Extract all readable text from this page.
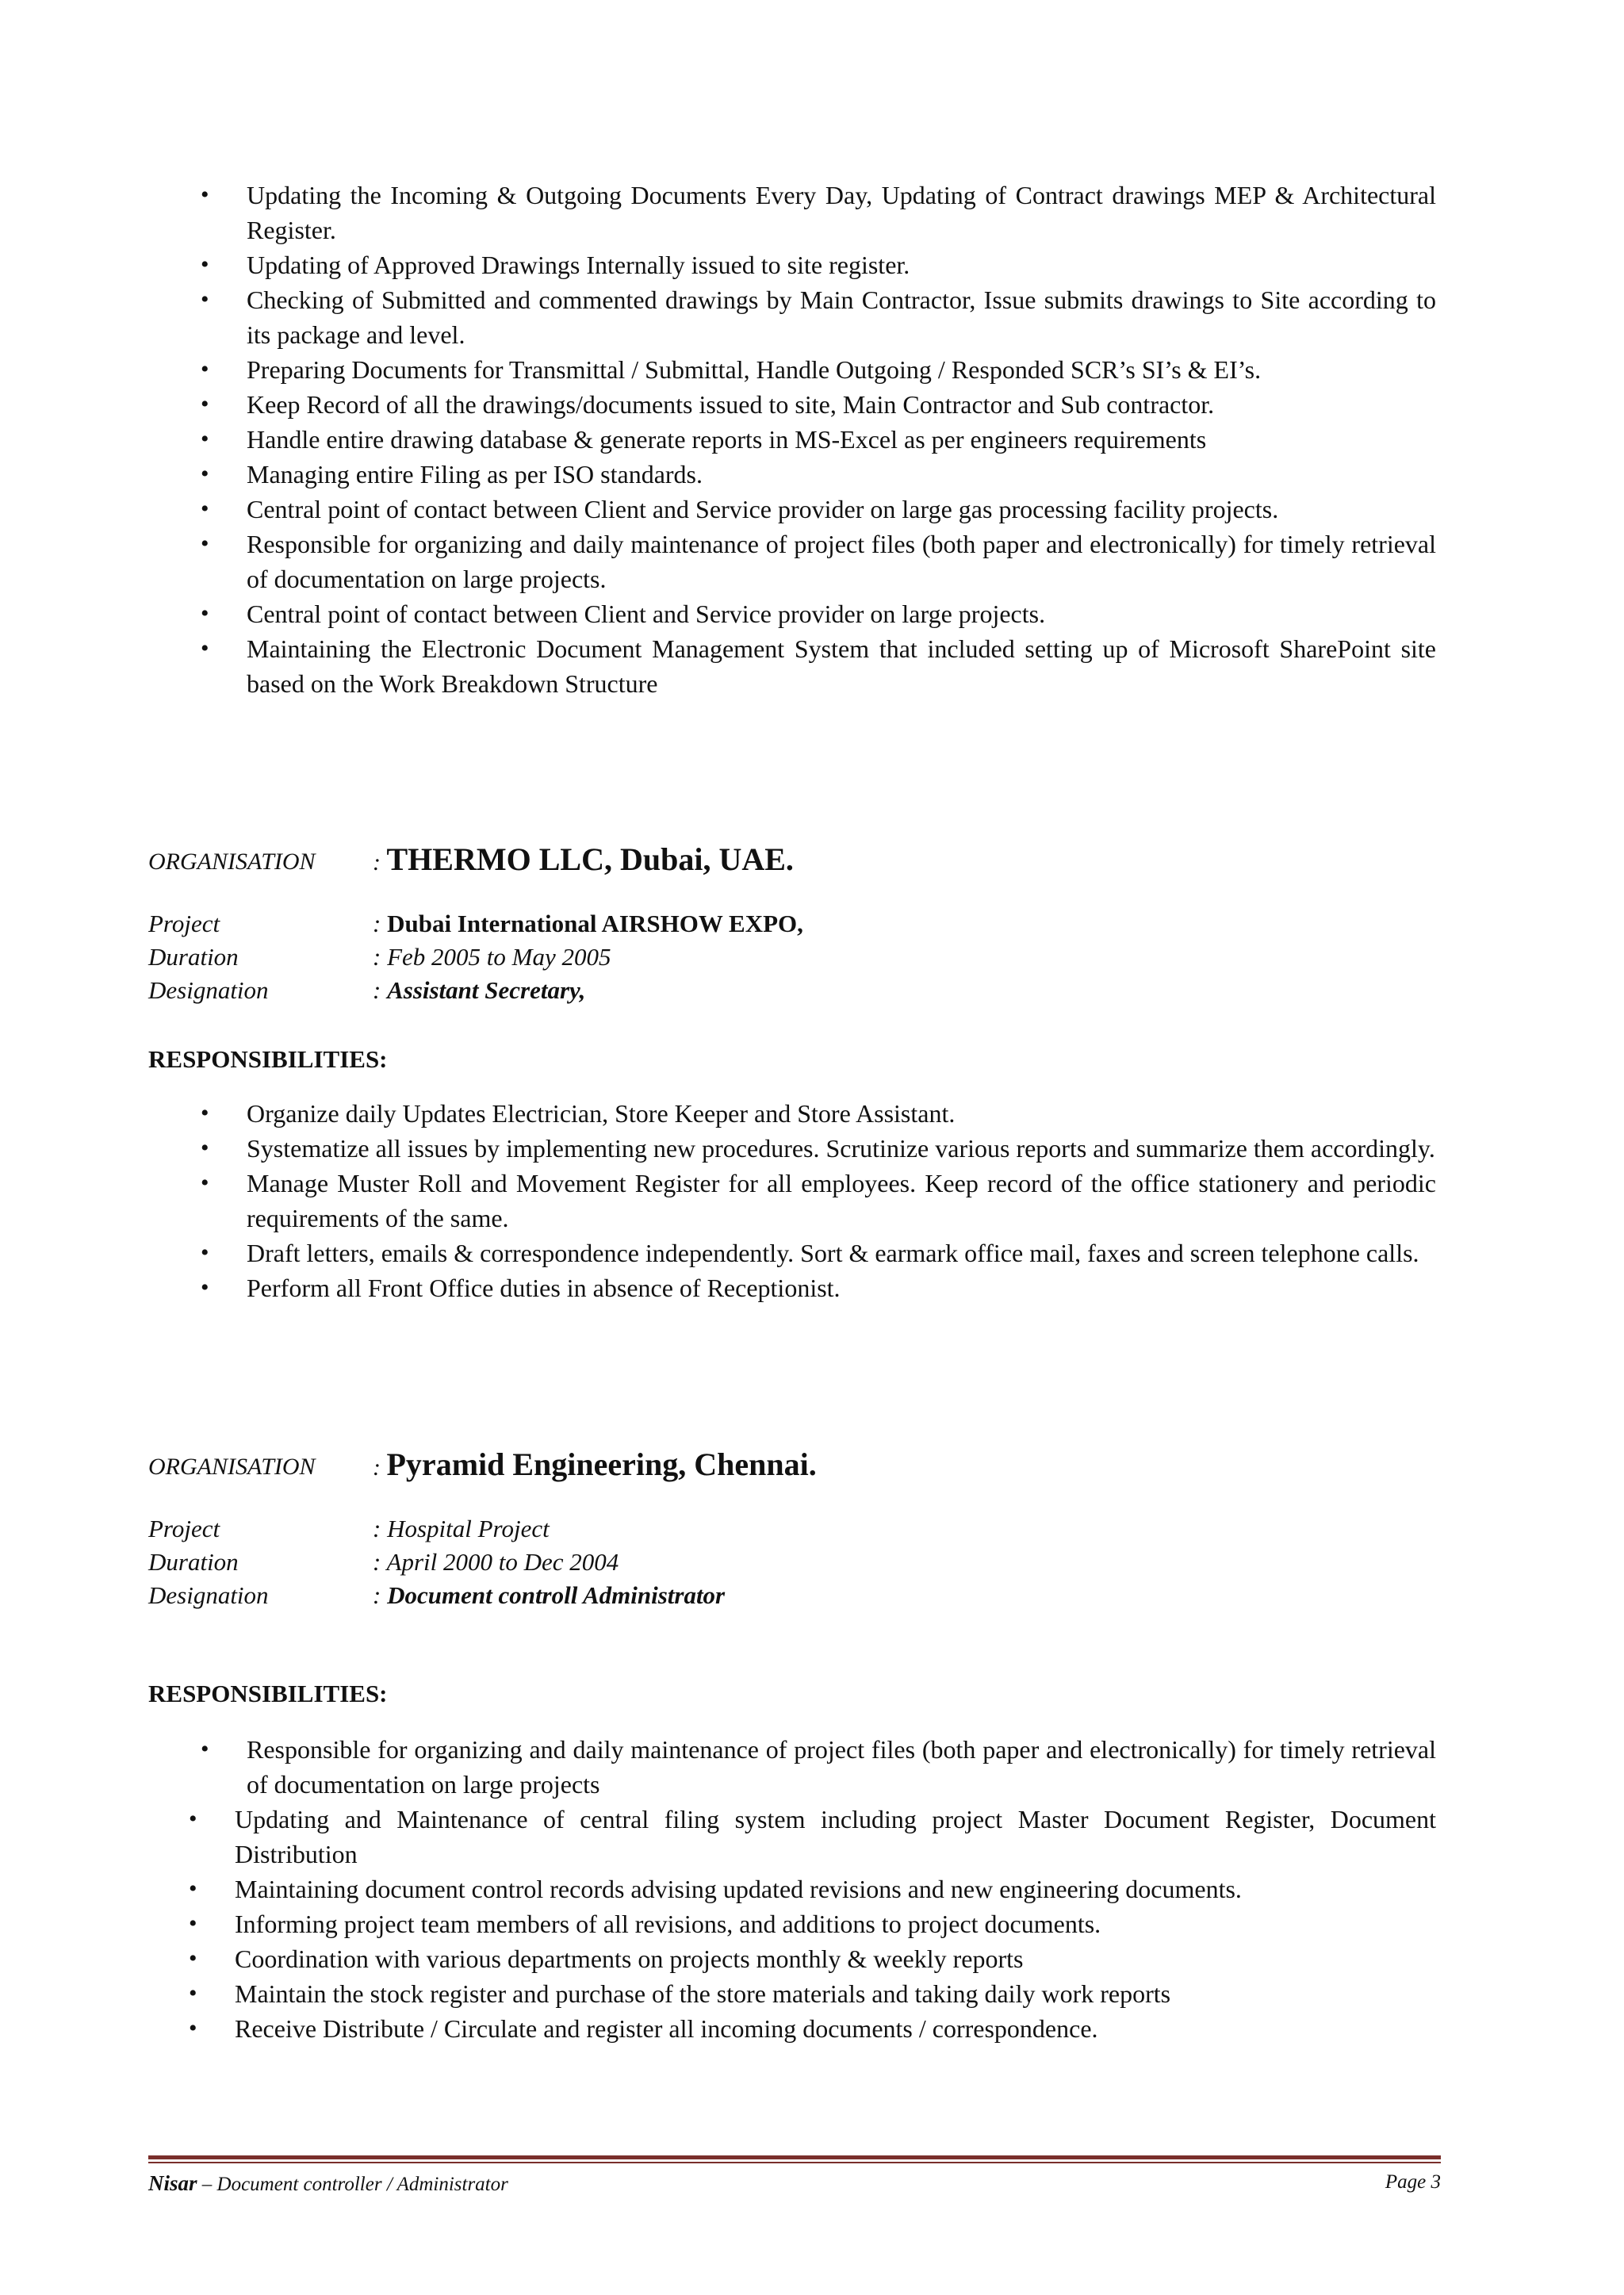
• Updating the Incoming & Outgoing Documents Every Day, Updating of Contract drawings MEP & Architectural Register.
• Updating of Approved Drawings Internally issued to site register.
• Checking of Submitted and commented drawings by Main Contractor, Issue submits drawings to Site according to its package and level.
• Preparing Documents for Transmittal / Submittal, Handle Outgoing / Responded SCR’s SI’s & EI’s.
• Keep Record of all the drawings/documents issued to site, Main Contractor and Sub contractor.
• Handle entire drawing database & generate reports in MS-Excel as per engineers requirements
• Managing entire Filing as per ISO standards.
• Central point of contact between Client and Service provider on large gas processing facility projects.
• Responsible for organizing and daily maintenance of project files (both paper and electronically) for timely retrieval of documentation on large projects.
• Central point of contact between Client and Service provider on large projects.
• Maintaining the Electronic Document Management System that included setting up of Microsoft SharePoint site based on the Work Breakdown Structure
ORGANISATION : THERMO LLC, Dubai, UAE.
Project	: Dubai International AIRSHOW EXPO,
Duration	: Feb 2005 to May 2005
Designation	: Assistant Secretary,
RESPONSIBILITIES:
• Organize daily Updates Electrician, Store Keeper and Store Assistant.
• Systematize all issues by implementing new procedures. Scrutinize various reports and summarize them accordingly.
• Manage Muster Roll and Movement Register for all employees. Keep record of the office stationery and periodic requirements of the same.
• Draft letters, emails & correspondence independently. Sort & earmark office mail, faxes and screen telephone calls.
• Perform all Front Office duties in absence of Receptionist.
ORGANISATION : Pyramid Engineering, Chennai.
Project	: Hospital Project
Duration	: April 2000 to Dec 2004
Designation	: Document controll Administrator
RESPONSIBILITIES:
• Responsible for organizing and daily maintenance of project files (both paper and electronically) for timely retrieval of documentation on large projects
• Updating and Maintenance of central filing system including project Master Document Register, Document Distribution
• Maintaining document control records advising updated revisions and new engineering documents.
• Informing project team members of all revisions, and additions to project documents.
• Coordination with various departments on projects monthly & weekly reports
• Maintain the stock register and purchase of the store materials and taking daily work reports
• Receive Distribute / Circulate and register all incoming documents / correspondence.
Nisar – Document controller / Administrator	Page 3
